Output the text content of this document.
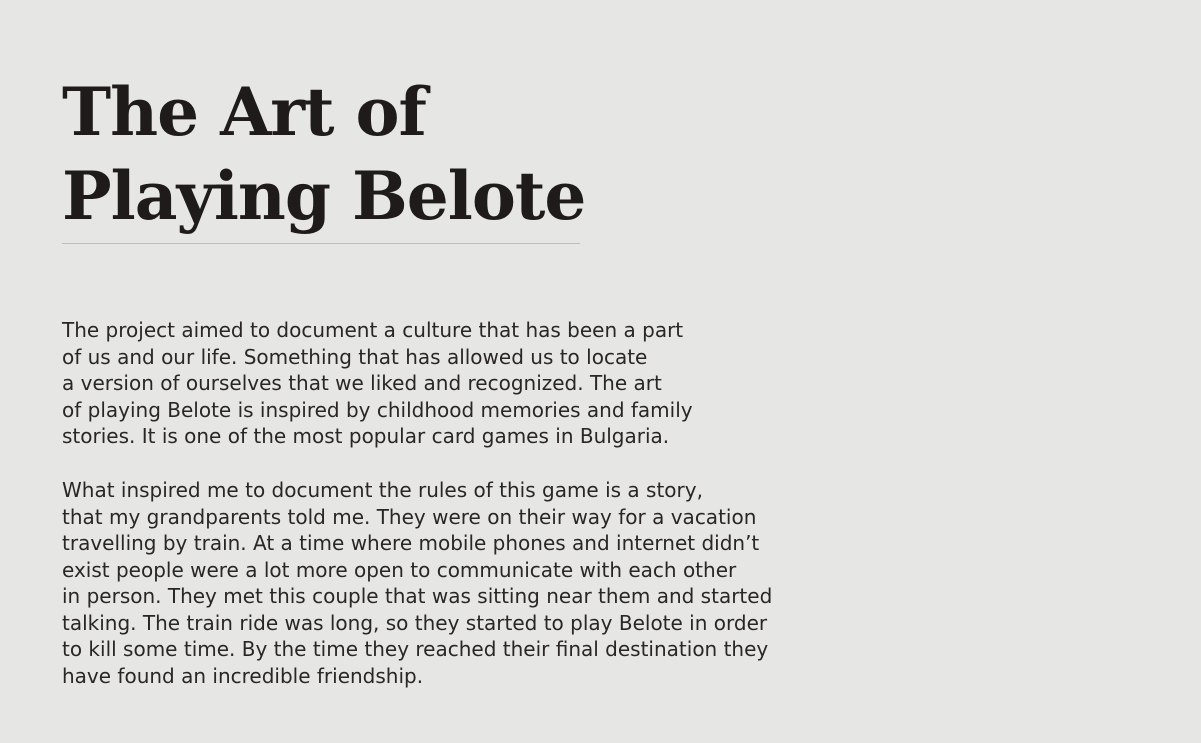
The Art of
Playing Belote

The project aimed to document a culture that has been a part
of us and our life. Something that has allowed us to locate
a version of ourselves that we liked and recognized. The art
of playing Belote is inspired by childhood memories and family
stories. It is one of the most popular card games in Bulgaria.

What inspired me to document the rules of this game is a story,
that my grandparents told me. They were on their way for a vacation
travelling by train. At a time where mobile phones and internet didn’t
exist people were a lot more open to communicate with each other
in person. They met this couple that was sitting near them and started
talking. The train ride was long, so they started to play Belote in order
to kill some time. By the time they reached their final destination they
have found an incredible friendship.
